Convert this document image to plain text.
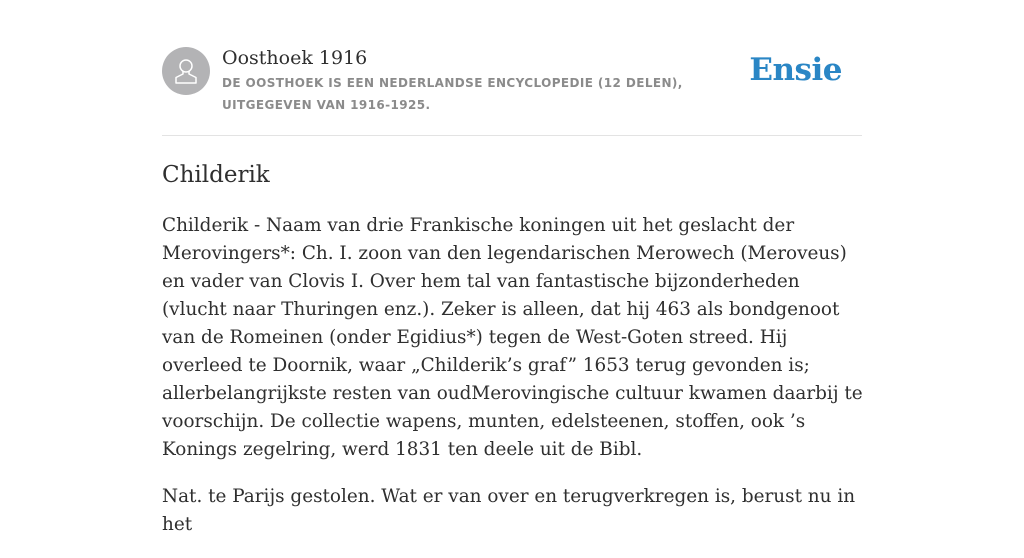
Oosthoek 1916
DE OOSTHOEK IS EEN NEDERLANDSE ENCYCLOPEDIE (12 DELEN), UITGEGEVEN VAN 1916-1925.
Ensie
Childerik

Childerik - Naam van drie Frankische koningen uit het geslacht der Merovingers*: Ch. I. zoon van den legendarischen Merowech (Meroveus) en vader van Clovis I. Over hem tal van fantastische bijzonderheden (vlucht naar Thuringen enz.). Zeker is alleen, dat hij 463 als bondgenoot van de Romeinen (onder Egidius*) tegen de West-Goten streed. Hij overleed te Doornik, waar „Childerik’s graf” 1653 terug gevonden is; allerbelangrijkste resten van oudMerovingische cultuur kwamen daarbij te voorschijn. De collectie wapens, munten, edelsteenen, stoffen, ook ’s Konings zegelring, werd 1831 ten deele uit de Bibl.

Nat. te Parijs gestolen. Wat er van over en terugverkregen is, berust nu in het
